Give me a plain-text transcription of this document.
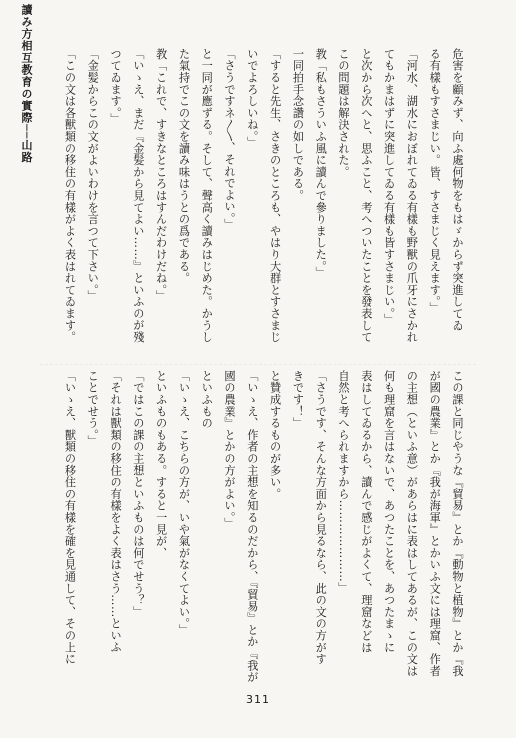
讀み方相互教育の實際──山路	危害を顧みず、向ふ處何物をもはゞからず突進してゐ
る有樣もすさまじい。皆、すさまじく見えます。」
「河水、湖水におぼれてゐる有樣も野獸の爪牙にさかれ
てもかまはずに突進してゐる有樣も皆すさまじい。」
と次から次へと、思ふこと、考へついたことを發表して
この問題は解決された。
教「私もさういふ風に讀んで參りました。」
一同拍手念讚の如しである。
「すると先生、さきのところも、やはり大群とすさまじ
いでよろしいね。」
「さうですネ〳〵、それでよい。」
と一同が應ずる。そして、聲高く讀みはじめた。かうし
た氣持でこの文を讀み味はうとの爲である。
教「これで、すきなところはすんだわけだね。」
「いゝえ、まだ『金髪から見てよい……』といふのが殘
つてゐます。」
「金髪からこの文がよいわけを言つて下さい。」
「この文は各獸類の移住の有樣がよく表はれてゐます。
この課と同じやうな『貿易』とか『動物と植物』とか『我
が國の農業』とか『我が海軍』とかいふ文には理窟、作者
の主想（といふ意）があらはに表はしてあるが、この文は
何も理窟を言はないで、あつたことを、あつたまゝに
表はしてゐるから、讀んで感じがよくて、理窟などは
自然と考へられますから…………………」
「さうです、そんな方面から見るなら、此の文の方がす
きです！」
と贊成するものが多い。
「いゝえ、作者の主想を知るのだから、『貿易』とか『我が
國の農業』とかの方がよい。」
といふもの
「いゝえ、こちらの方が、いや氣がなくてよい。」
といふものもある。すると一見が、
「ではこの課の主想といふものは何でせう？」
「それは獸類の移住の有樣をよく表はさう……といふ
ことでせう。」
「いゝえ、獸類の移住の有樣を確を見通して、その上に
311
